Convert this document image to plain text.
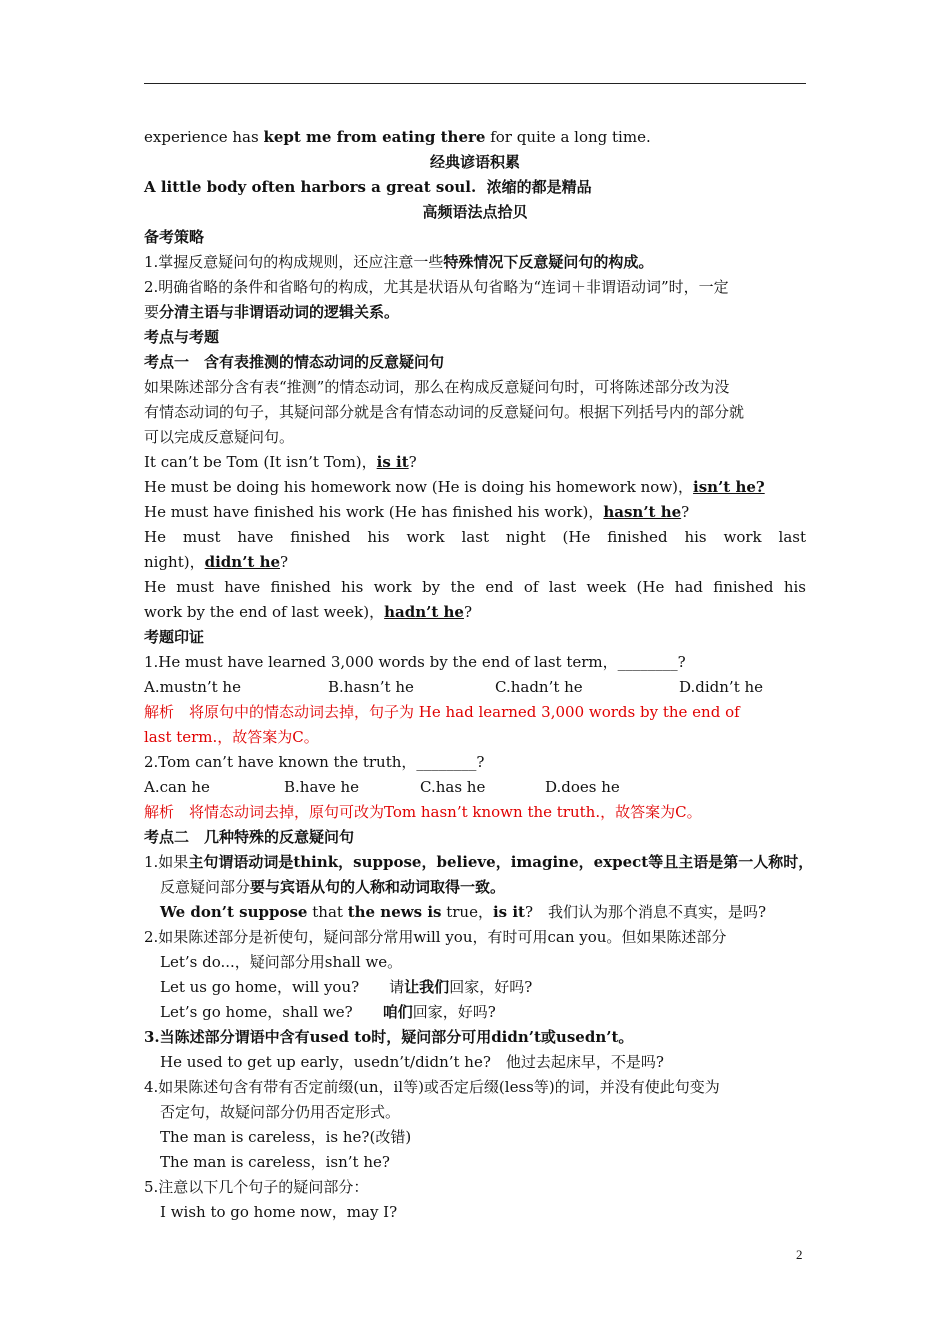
experience has kept me from eating there for quite a long time.
经典谚语积累
A little body often harbors a great soul.  浓缩的都是精品
高频语法点拾贝
备考策略
1.掌握反意疑问句的构成规则，还应注意一些特殊情况下反意疑问句的构成。
2.明确省略的条件和省略句的构成，尤其是状语从句省略为“连词＋非谓语动词”时，一定
要分清主语与非谓语动词的逻辑关系。
考点与考题
考点一　含有表推测的情态动词的反意疑问句
如果陈述部分含有表“推测”的情态动词，那么在构成反意疑问句时，可将陈述部分改为没
有情态动词的句子，其疑问部分就是含有情态动词的反意疑问句。根据下列括号内的部分就
可以完成反意疑问句。
It can’t be Tom (It isn’t Tom)，is it?
He must be doing his homework now (He is doing his homework now)，isn’t he?
He must have finished his work (He has finished his work)，hasn’t he?
He must have finished his work last night (He finished his work last
night)，didn’t he?
He must have finished his work by the end of last week (He had finished his
work by the end of last week)，hadn’t he?
考题印证
1.He must have learned 3,000 words by the end of last term，________?
A.mustn’t he	B.hasn’t he	C.hadn’t he	D.didn’t he
解析　将原句中的情态动词去掉，句子为 He had learned 3,000 words by the end of
last term.，故答案为C。
2.Tom can’t have known the truth，________?
A.can he	B.have he	C.has he	D.does he
解析　将情态动词去掉，原句可改为Tom hasn’t known the truth.，故答案为C。
考点二　几种特殊的反意疑问句
1.如果主句谓语动词是think，suppose，believe，imagine，expect等且主语是第一人称时，
反意疑问部分要与宾语从句的人称和动词取得一致。
We don’t suppose that the news is true，is it?　我们认为那个消息不真实，是吗?
2.如果陈述部分是祈使句，疑问部分常用will you，有时可用can you。但如果陈述部分
Let’s do...，疑问部分用shall we。
Let us go home，will you?　　请让我们回家，好吗?
Let’s go home，shall we?　　咱们回家，好吗?
3.当陈述部分谓语中含有used to时，疑问部分可用didn’t或usedn’t。
He used to get up early，usedn’t/didn’t he?　他过去起床早，不是吗?
4.如果陈述句含有带有否定前缀(un，il等)或否定后缀(less等)的词，并没有使此句变为
否定句，故疑问部分仍用否定形式。
The man is careless，is he?(改错)
The man is careless，isn’t he?
5.注意以下几个句子的疑问部分：
I wish to go home now，may I?
2
